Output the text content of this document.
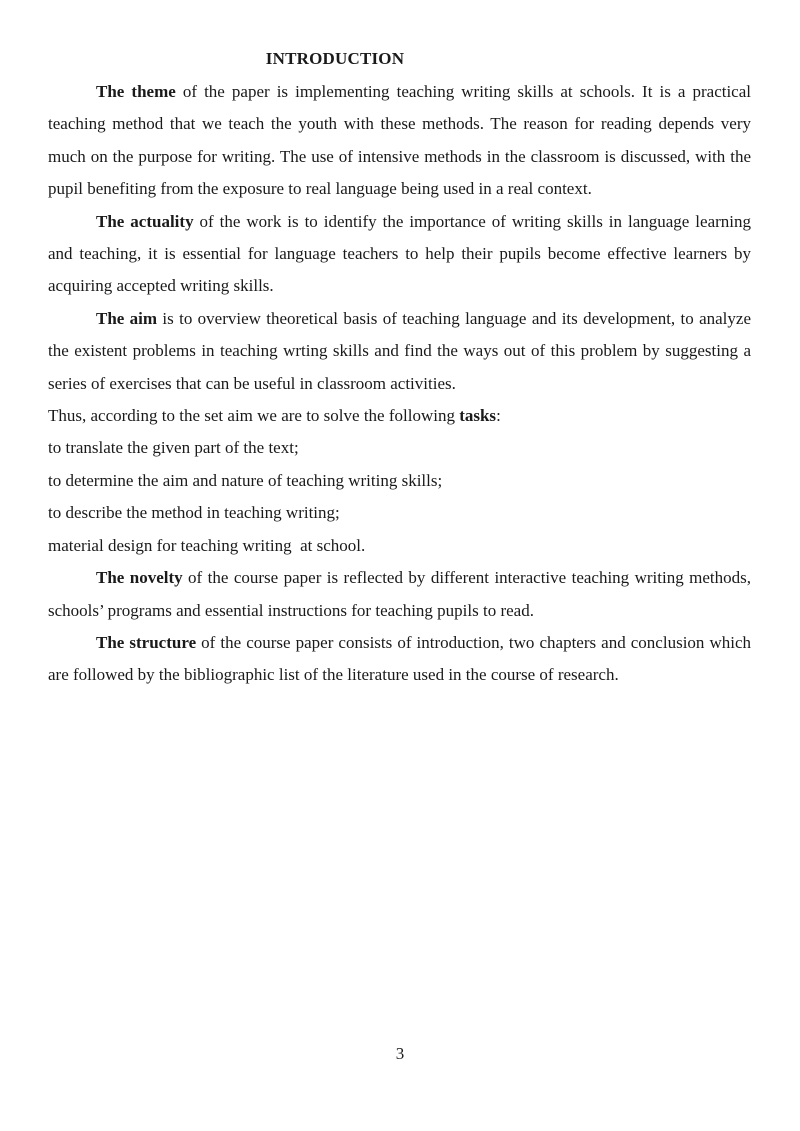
INTRODUCTION

The theme of the paper is implementing teaching writing skills at schools. It is a practical teaching method that we teach the youth with these methods. The reason for reading depends very much on the purpose for writing. The use of intensive methods in the classroom is discussed, with the pupil benefiting from the exposure to real language being used in a real context.

The actuality of the work is to identify the importance of writing skills in language learning and teaching, it is essential for language teachers to help their pupils become effective learners by acquiring accepted writing skills.

The aim is to overview theoretical basis of teaching language and its development, to analyze the existent problems in teaching wrting skills and find the ways out of this problem by suggesting a series of exercises that can be useful in classroom activities.

Thus, according to the set aim we are to solve the following tasks:

to translate the given part of the text;

to determine the aim and nature of teaching writing skills;

to describe the method in teaching writing;

material design for teaching writing  at school.

The novelty of the course paper is reflected by different interactive teaching writing methods, schools’ programs and essential instructions for teaching pupils to read.

The structure of the course paper consists of introduction, two chapters and conclusion which are followed by the bibliographic list of the literature used in the course of research.

3
